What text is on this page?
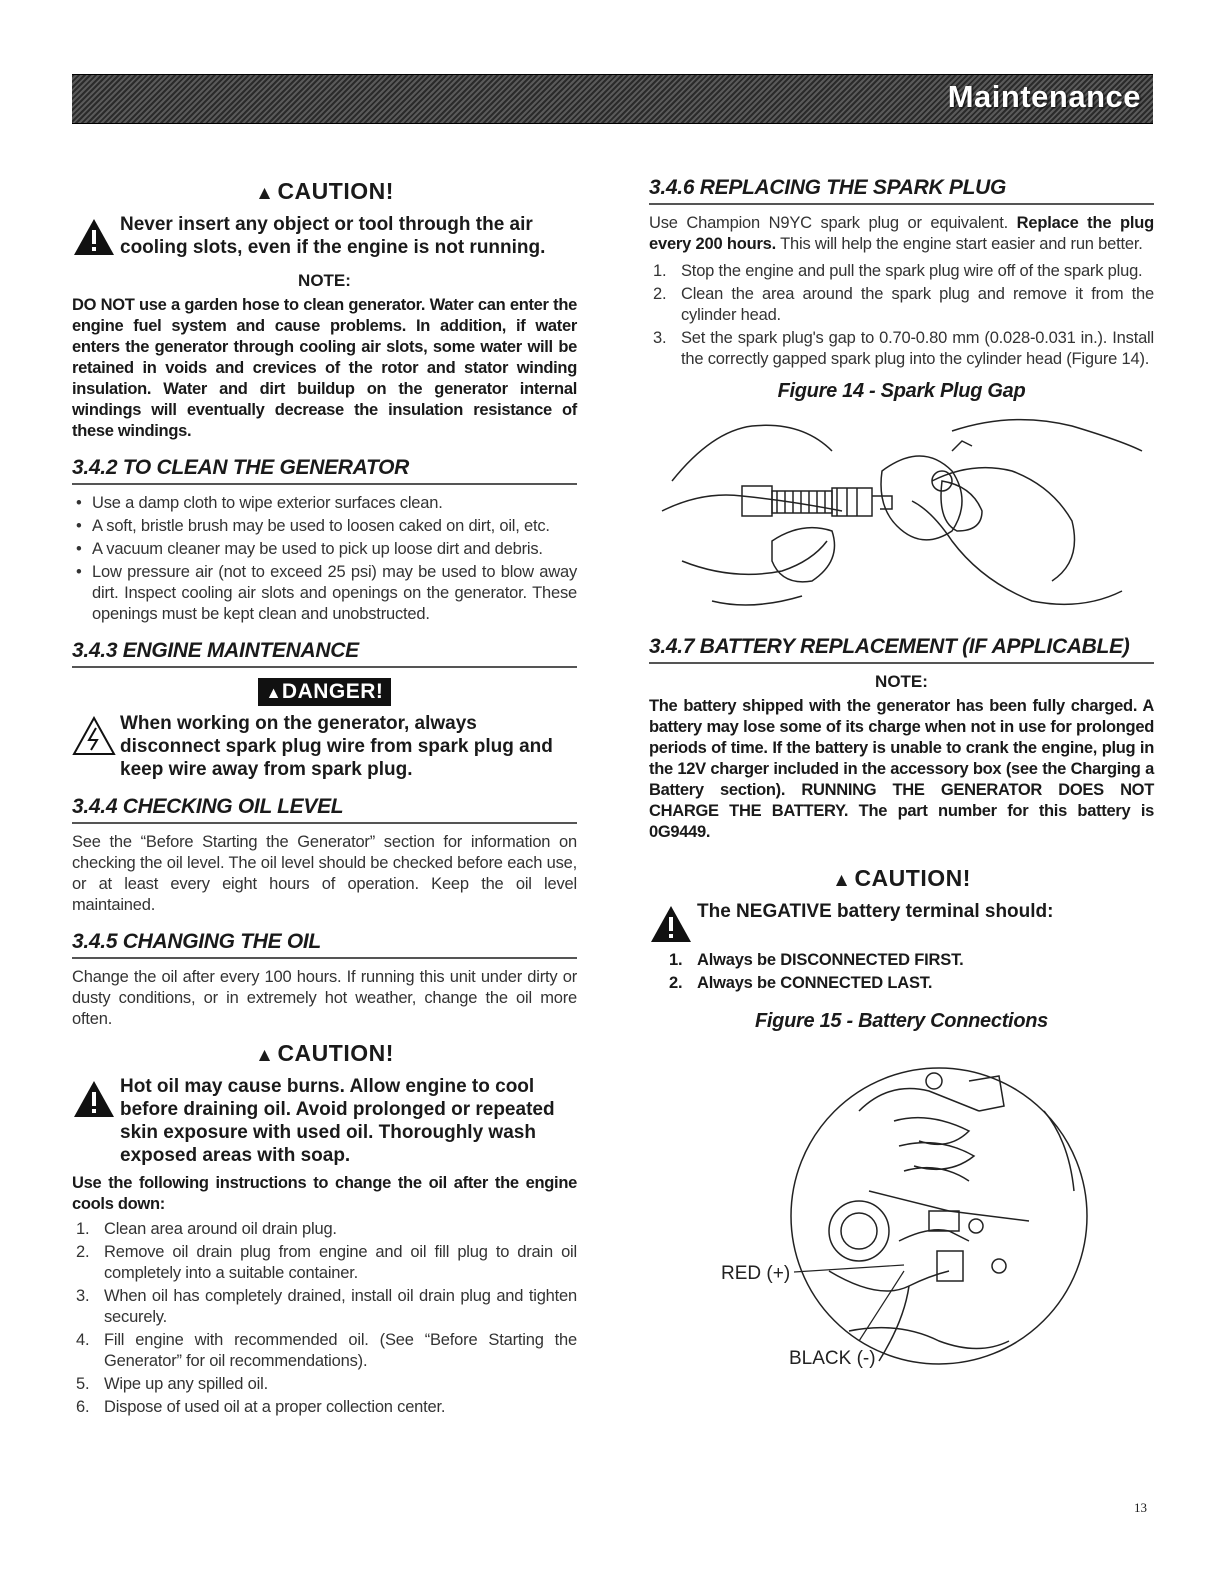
Maintenance
▲ CAUTION!
Never insert any object or tool through the air cooling slots, even if the engine is not running.
NOTE:
DO NOT use a garden hose to clean generator. Water can enter the engine fuel system and cause problems. In addition, if water enters the generator through cooling air slots, some water will be retained in voids and crevices of the rotor and stator winding insulation. Water and dirt buildup on the generator internal windings will eventually decrease the insulation resistance of these windings.
3.4.2 TO CLEAN THE GENERATOR
• Use a damp cloth to wipe exterior surfaces clean.
• A soft, bristle brush may be used to loosen caked on dirt, oil, etc.
• A vacuum cleaner may be used to pick up loose dirt and debris.
• Low pressure air (not to exceed 25 psi) may be used to blow away dirt. Inspect cooling air slots and openings on the generator. These openings must be kept clean and unobstructed.
3.4.3 ENGINE MAINTENANCE
▲DANGER!
When working on the generator, always disconnect spark plug wire from spark plug and keep wire away from spark plug.
3.4.4 CHECKING OIL LEVEL

See the “Before Starting the Generator” section for information on checking the oil level. The oil level should be checked before each use, or at least every eight hours of operation. Keep the oil level maintained.

3.4.5 CHANGING THE OIL

Change the oil after every 100 hours. If running this unit under dirty or dusty conditions, or in extremely hot weather, change the oil more often.

▲ CAUTION!
Hot oil may cause burns. Allow engine to cool before draining oil. Avoid prolonged or repeated skin exposure with used oil. Thoroughly wash exposed areas with soap.
Use the following instructions to change the oil after the engine cools down:
1. Clean area around oil drain plug.
2. Remove oil drain plug from engine and oil fill plug to drain oil completely into a suitable container.
3. When oil has completely drained, install oil drain plug and tighten securely.
4. Fill engine with recommended oil. (See “Before Starting the Generator” for oil recommendations).
5. Wipe up any spilled oil.
6. Dispose of used oil at a proper collection center.
3.4.6 REPLACING THE SPARK PLUG

Use Champion N9YC spark plug or equivalent. Replace the plug every 200 hours. This will help the engine start easier and run better.

1. Stop the engine and pull the spark plug wire off of the spark plug.
2. Clean the area around the spark plug and remove it from the cylinder head.
3. Set the spark plug's gap to 0.70-0.80 mm (0.028-0.031 in.). Install the correctly gapped spark plug into the cylinder head (Figure 14).
Figure 14 - Spark Plug Gap
3.4.7 BATTERY REPLACEMENT (IF APPLICABLE)
NOTE:
The battery shipped with the generator has been fully charged. A battery may lose some of its charge when not in use for prolonged periods of time. If the battery is unable to crank the engine, plug in the 12V charger included in the accessory box (see the Charging a Battery section). RUNNING THE GENERATOR DOES NOT CHARGE THE BATTERY. The part number for this battery is 0G9449.
▲ CAUTION!
The NEGATIVE battery terminal should:
1. Always be DISCONNECTED FIRST.
2. Always be CONNECTED LAST.
Figure 15 - Battery Connections
RED (+)
BLACK (-)
13
